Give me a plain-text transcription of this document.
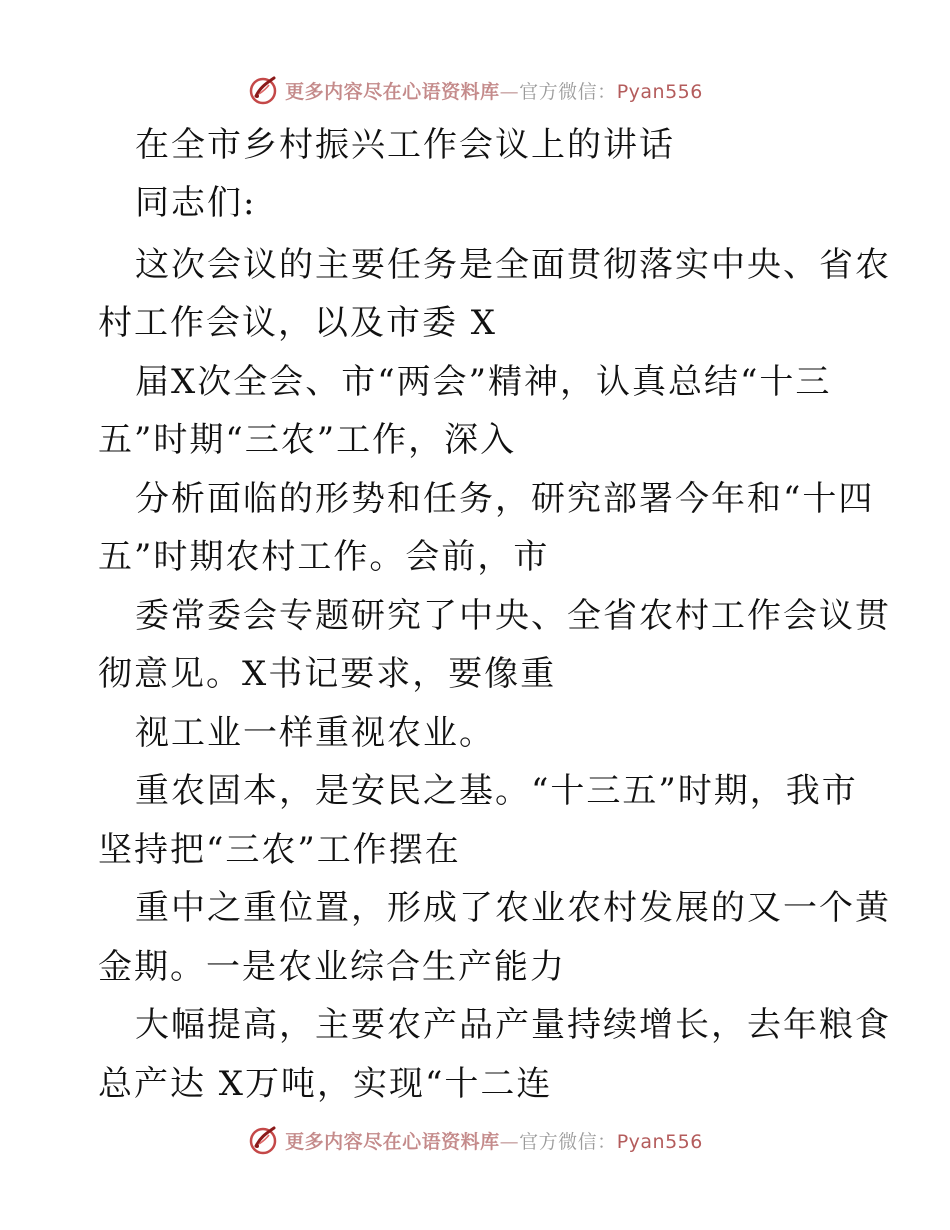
更多内容尽在心语资料库—官方微信：Pyan556
在全市乡村振兴工作会议上的讲话
同志们:
这次会议的主要任务是全面贯彻落实中央、省农
村工作会议，以及市委 X
届X次全会、市“两会”精神，认真总结“十三
五”时期“三农”工作，深入
分析面临的形势和任务，研究部署今年和“十四
五”时期农村工作。会前，市
委常委会专题研究了中央、全省农村工作会议贯
彻意见。X书记要求，要像重
视工业一样重视农业。
重农固本，是安民之基。“十三五”时期，我市
坚持把“三农”工作摆在
重中之重位置，形成了农业农村发展的又一个黄
金期。一是农业综合生产能力
大幅提高，主要农产品产量持续增长，去年粮食
总产达 X万吨，实现“十二连
更多内容尽在心语资料库—官方微信：Pyan556
